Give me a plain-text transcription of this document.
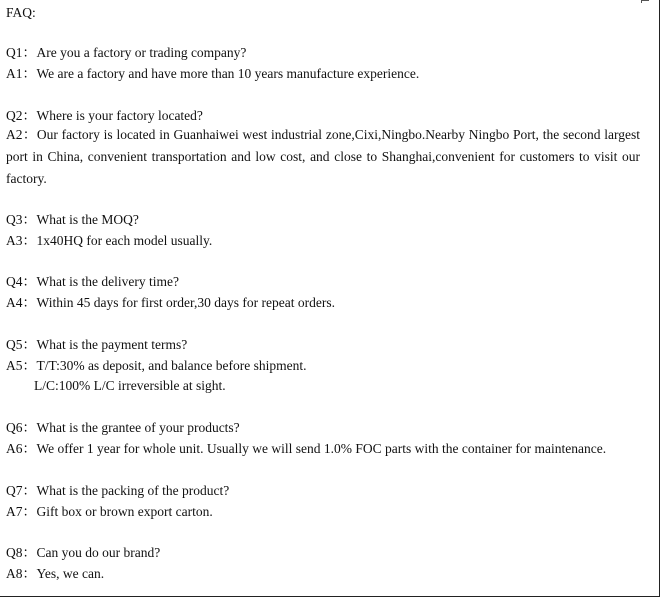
FAQ:
Q1：Are you a factory or trading company?
A1：We are a factory and have more than 10 years manufacture experience.
Q2：Where is your factory located?
A2：Our factory is located in Guanhaiwei west industrial zone,Cixi,Ningbo.Nearby Ningbo Port, the second largest port in China, convenient transportation and low cost, and close to Shanghai,convenient for customers to visit our factory.
Q3：What is the MOQ?
A3：1x40HQ for each model usually.
Q4：What is the delivery time?
A4：Within 45 days for first order,30 days for repeat orders.
Q5：What is the payment terms?
A5：T/T:30% as deposit, and balance before shipment.
L/C:100% L/C irreversible at sight.
Q6：What is the grantee of your products?
A6：We offer 1 year for whole unit. Usually we will send 1.0% FOC parts with the container for maintenance.
Q7：What is the packing of the product?
A7：Gift box or brown export carton.
Q8：Can you do our brand?
A8：Yes, we can.
